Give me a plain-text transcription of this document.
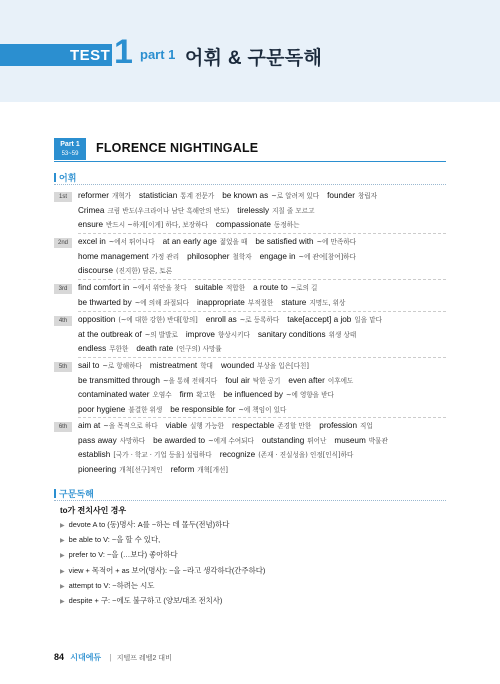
TEST 1 part 1 어휘 & 구문독해
Part 1
53~59	FLORENCE NIGHTINGALE
어휘
1st	reformer 개혁가 statistician 통계 전문가 be known as ~로 알려져 있다 founder 창립자
Crimea 크림 반도(우크라이나 남단 흑해안의 반도) tirelessly 지칠 줄 모르고
ensure 반드시 ~하게[이게] 하다, 보장하다 compassionate 동정하는
2nd	excel in ~에서 뛰어나다 at an early age 젊었을 때 be satisfied with ~에 만족하다
home management 가정 관리 philosopher 철학자 engage in ~에 관여[참여]하다
discourse (진지한) 담론, 토론
3rd	find comfort in ~에서 위안을 찾다 suitable 적합한 a route to ~로의 길
be thwarted by ~에 의해 좌절되다 inappropriate 부적절한 stature 지명도, 위상
4th	opposition (~에 대한 강한) 반대[항의] enroll as ~로 등록하다 take[accept] a job 일을 맡다
at the outbreak of ~의 발발로 improve 향상시키다 sanitary conditions 위생 상태
endless 무한한 death rate (인구의) 사망률
5th	sail to ~로 항해하다 mistreatment 학대 wounded 부상을 입은[다친]
be transmitted through ~을 통해 전해지다 foul air 탁한 공기 even after 이후에도
contaminated water 오염수 firm 확고한 be influenced by ~에 영향을 받다
poor hygiene 불결한 위생 be responsible for ~에 책임이 있다
6th	aim at ~을 목적으로 하다 viable 실행 가능한 respectable 존경할 만한 profession 직업
pass away 사망하다 be awarded to ~에게 수여되다 outstanding 뛰어난 museum 박물관
establish [국가 · 학교 · 기업 등을] 설립하다 recognize (존재 · 진실성을) 인정[인식]하다
pioneering 개척[선구]적인 reform 개혁[개선]
구문독해
to가 전치사인 경우
▶ devote A to (동)명사: A를 ~하는 데 몰두(전념)하다
▶ be able to V: ~을 할 수 있다,
▶ prefer to V: ~을 (…보다) 좋아하다
▶ view + 목적어 + as 보어(명사): ~을 ~라고 생각하다(간주하다)
▶ attempt to V: ~하려는 시도
▶ despite + 구: ~에도 불구하고 (양보/대조 전치사)
84 시대에듀 | 지텔프 레벨2 대비
